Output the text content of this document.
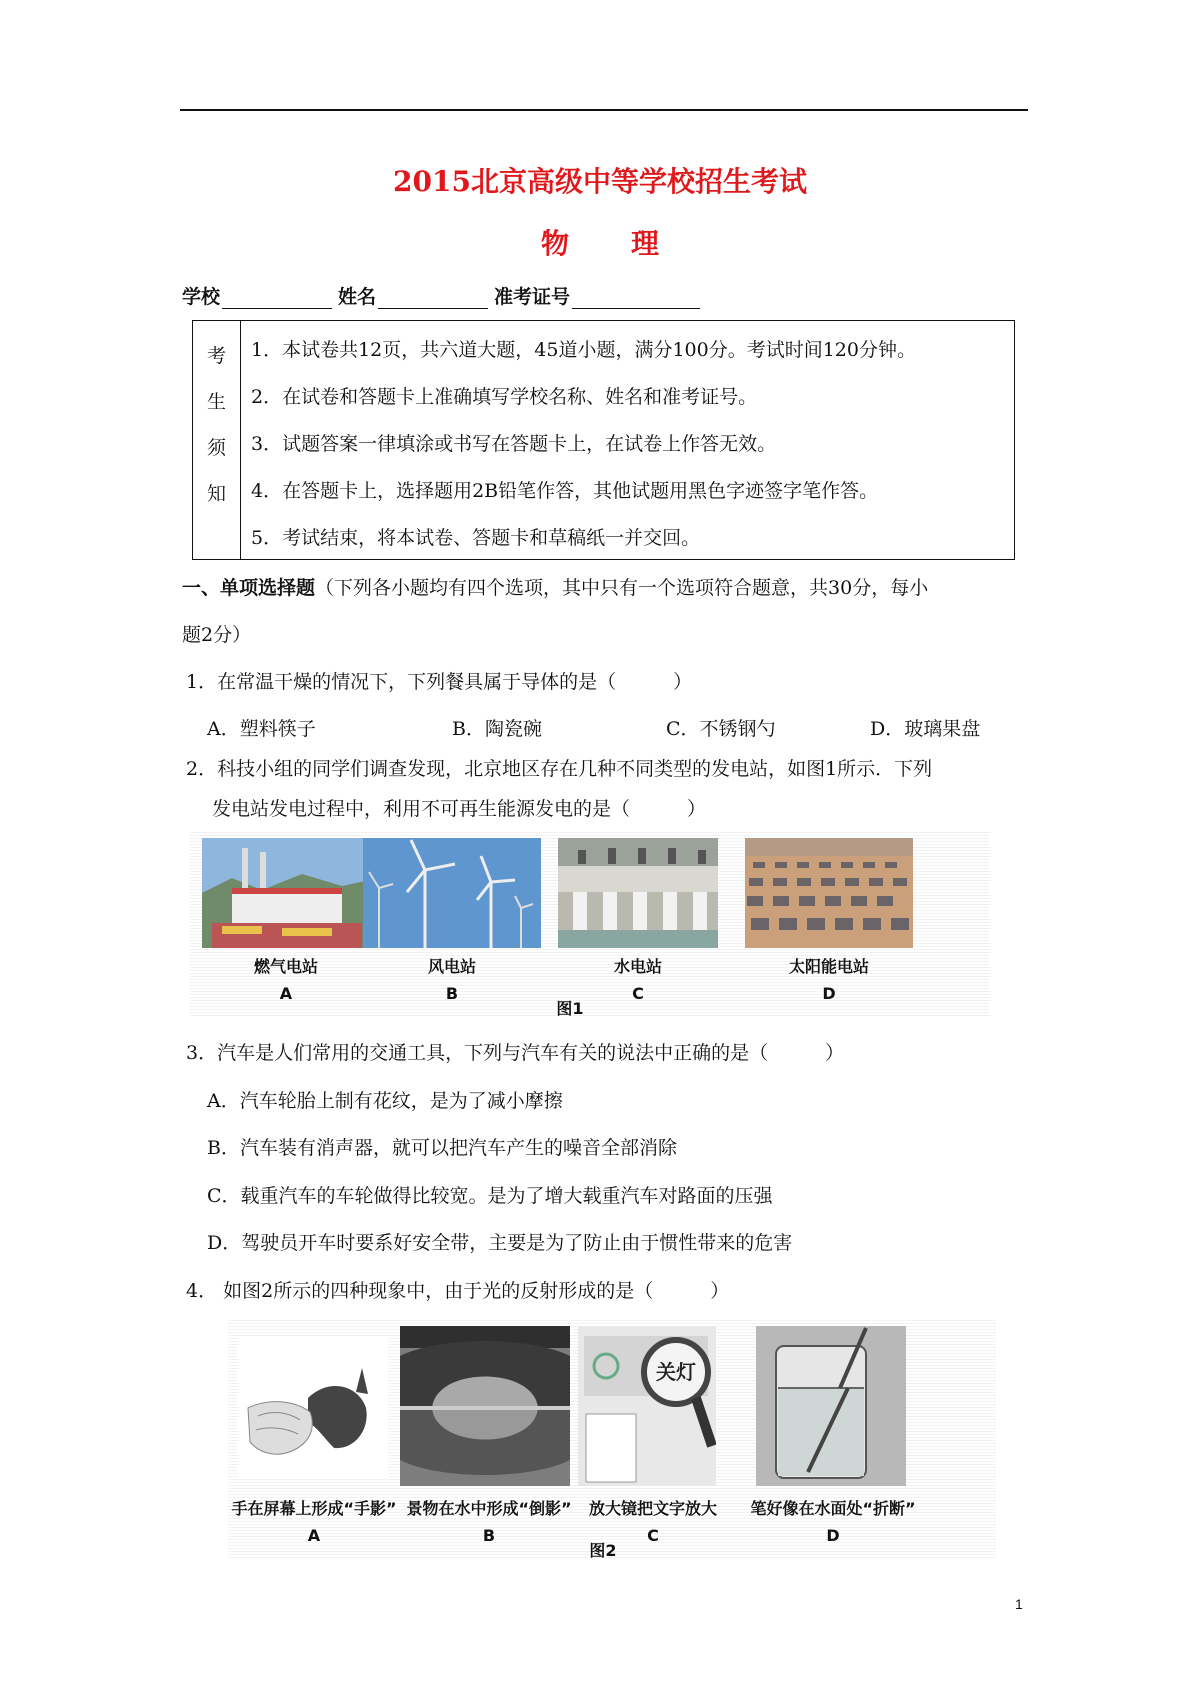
2015北京高级中等学校招生考试
物理
学校	姓名	准考证号
考
生
须
知
1．本试卷共12页，共六道大题，45道小题，满分100分。考试时间120分钟。
2．在试卷和答题卡上准确填写学校名称、姓名和准考证号。
3．试题答案一律填涂或书写在答题卡上，在试卷上作答无效。
4．在答题卡上，选择题用2B铅笔作答，其他试题用黑色字迹签字笔作答。
5．考试结束，将本试卷、答题卡和草稿纸一并交回。
一、单项选择题（下列各小题均有四个选项，其中只有一个选项符合题意，共30分，每小
题2分）
1．在常温干燥的情况下，下列餐具属于导体的是（　　　）
A．塑料筷子	B．陶瓷碗	C．不锈钢勺	D．玻璃果盘
2．科技小组的同学们调查发现，北京地区存在几种不同类型的发电站，如图1所示．下列
发电站发电过程中，利用不可再生能源发电的是（　　　）
燃气电站	风电站	水电站	太阳能电站
A	B	C	D
图1
3．汽车是人们常用的交通工具，下列与汽车有关的说法中正确的是（　　　）
A．汽车轮胎上制有花纹，是为了减小摩擦
B．汽车装有消声器，就可以把汽车产生的噪音全部消除
C．载重汽车的车轮做得比较宽。是为了增大载重汽车对路面的压强
D．驾驶员开车时要系好安全带，主要是为了防止由于惯性带来的危害
4． 如图2所示的四种现象中，由于光的反射形成的是（　　　）
关灯
手在屏幕上形成“手影” 景物在水中形成“倒影”	放大镜把文字放大	笔好像在水面处“折断”
A	B	C	D
图2
1
